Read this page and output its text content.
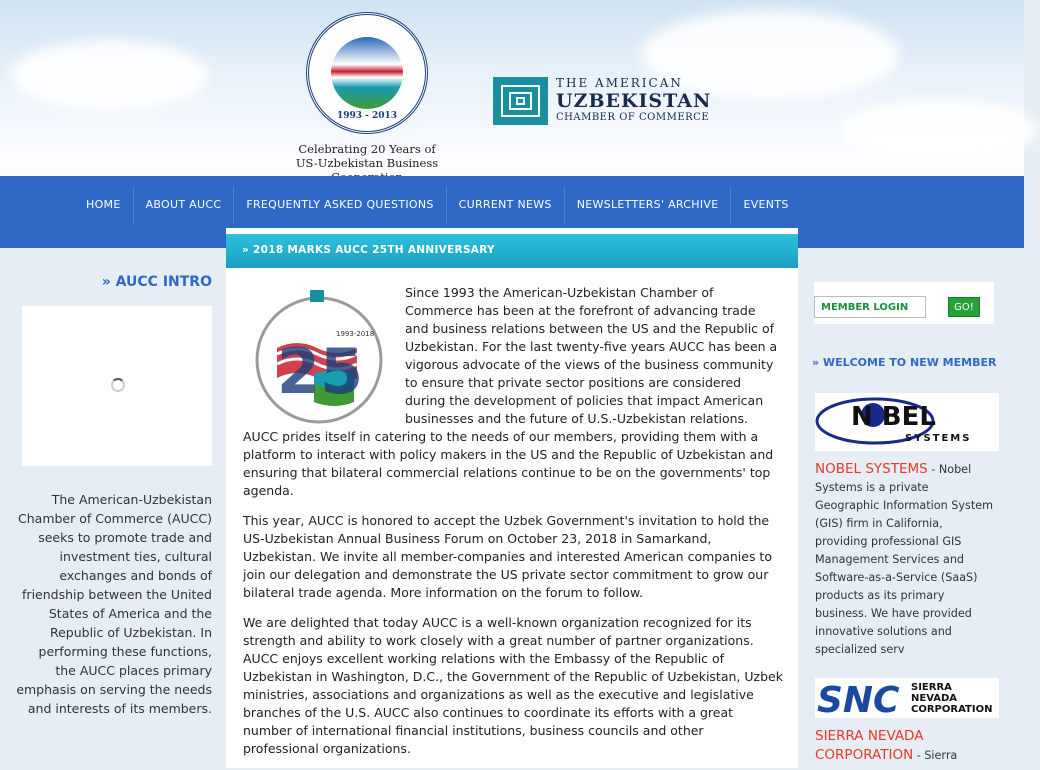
1993 - 2013
Celebrating 20 Years of
US-Uzbekistan Business
THE AMERICAN
UZBEKISTAN
CHAMBER OF COMMERCE
HOME	ABOUT AUCC	FREQUENTLY ASKED QUESTIONS	CURRENT NEWS	NEWSLETTERS' ARCHIVE	EVENTS
» AUCC INTRO
The American-Uzbekistan Chamber of Commerce (AUCC) seeks to promote trade and investment ties, cultural exchanges and bonds of friendship between the United States of America and the Republic of Uzbekistan. In performing these functions, the AUCC places primary emphasis on serving the needs and interests of its members.
» 2018 MARKS AUCC 25TH ANNIVERSARY
25
1993-2018

Since 1993 the American-Uzbekistan Chamber of Commerce has been at the forefront of advancing trade and business relations between the US and the Republic of Uzbekistan. For the last twenty-five years AUCC has been a vigorous advocate of the views of the business community to ensure that private sector positions are considered during the development of policies that impact American businesses and the future of U.S.-Uzbekistan relations. AUCC prides itself in catering to the needs of our members, providing them with a platform to interact with policy makers in the US and the Republic of Uzbekistan and ensuring that bilateral commercial relations continue to be on the governments' top agenda.

This year, AUCC is honored to accept the Uzbek Government's invitation to hold the US-Uzbekistan Annual Business Forum on October 23, 2018 in Samarkand, Uzbekistan. We invite all member-companies and interested American companies to join our delegation and demonstrate the US private sector commitment to grow our bilateral trade agenda. More information on the forum to follow.

We are delighted that today AUCC is a well-known organization recognized for its strength and ability to work closely with a great number of partner organizations. AUCC enjoys excellent working relations with the Embassy of the Republic of Uzbekistan in Washington, D.C., the Government of the Republic of Uzbekistan, Uzbek ministries, associations and organizations as well as the executive and legislative branches of the U.S. AUCC also continues to coordinate its efforts with a great number of international financial institutions, business councils and other professional organizations.

MEMBER LOGIN
GO!
» WELCOME TO NEW MEMBER
N BEL
SYSTEMS
NOBEL SYSTEMS - Nobel Systems is a private Geographic Information System (GIS) firm in California, providing professional GIS Management Services and Software-as-a-Service (SaaS) products as its primary business. We have provided innovative solutions and specialized serv
SNC SIERRA
NEVADA
CORPORATION
SIERRA NEVADA CORPORATION - Sierra
